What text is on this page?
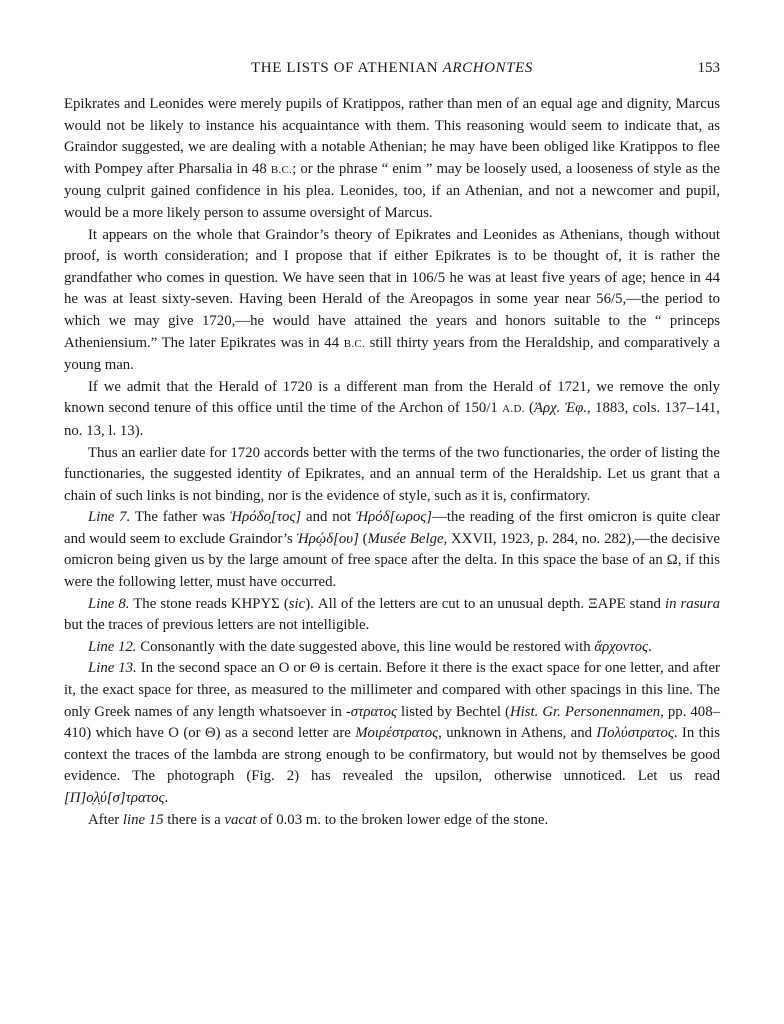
THE LISTS OF ATHENIAN ARCHONTES	153

Epikrates and Leonides were merely pupils of Kratippos, rather than men of an equal age and dignity, Marcus would not be likely to instance his acquaintance with them. This reasoning would seem to indicate that, as Graindor suggested, we are dealing with a notable Athenian; he may have been obliged like Kratippos to flee with Pompey after Pharsalia in 48 B.C.; or the phrase “ enim ” may be loosely used, a looseness of style as the young culprit gained confidence in his plea. Leonides, too, if an Athenian, and not a newcomer and pupil, would be a more likely person to assume oversight of Marcus.

It appears on the whole that Graindor’s theory of Epikrates and Leonides as Athenians, though without proof, is worth consideration; and I propose that if either Epikrates is to be thought of, it is rather the grandfather who comes in question. We have seen that in 106/5 he was at least five years of age; hence in 44 he was at least sixty-seven. Having been Herald of the Areopagos in some year near 56/5,—the period to which we may give 1720,—he would have attained the years and honors suitable to the “ princeps Atheniensium.” The later Epikrates was in 44 B.C. still thirty years from the Heraldship, and comparatively a young man.

If we admit that the Herald of 1720 is a different man from the Herald of 1721, we remove the only known second tenure of this office until the time of the Archon of 150/1 A.D. (Ἀρχ. Ἐφ., 1883, cols. 137–141, no. 13, l. 13).

Thus an earlier date for 1720 accords better with the terms of the two functionaries, the order of listing the functionaries, the suggested identity of Epikrates, and an annual term of the Heraldship. Let us grant that a chain of such links is not binding, nor is the evidence of style, such as it is, confirmatory.

Line 7. The father was Ἡρόδο̣[τος] and not Ἡρόδ[ωρος]—the reading of the first omicron is quite clear and would seem to exclude Graindor’s Ἡρῴδ[ου] (Musée Belge, XXVII, 1923, p. 284, no. 282),—the decisive omicron being given us by the large amount of free space after the delta. In this space the base of an Ω, if this were the following letter, must have occurred.

Line 8. The stone reads ΚΗΡΥΣ (sic). All of the letters are cut to an unusual depth. ΞΑΡΕ stand in rasura but the traces of previous letters are not intelligible.

Line 12. Consonantly with the date suggested above, this line would be restored with ἄρχοντος.

Line 13. In the second space an O or Θ is certain. Before it there is the exact space for one letter, and after it, the exact space for three, as measured to the millimeter and compared with other spacings in this line. The only Greek names of any length whatsoever in -στρατος listed by Bechtel (Hist. Gr. Personennamen, pp. 408–410) which have O (or Θ) as a second letter are Μοιρέστρατος, unknown in Athens, and Πολύστρατος. In this context the traces of the lambda are strong enough to be confirmatory, but would not by themselves be good evidence. The photograph (Fig. 2) has revealed the upsilon, otherwise unnoticed. Let us read [Π]ο̣λ̣ύ[σ]τρατος.

After line 15 there is a vacat of 0.03 m. to the broken lower edge of the stone.
